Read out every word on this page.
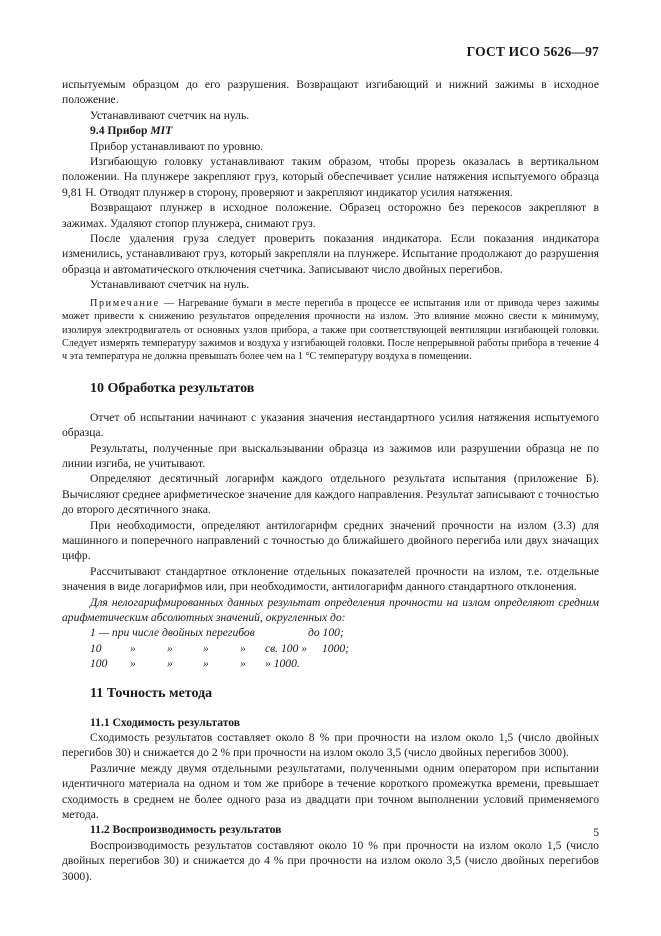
ГОСТ ИСО 5626—97

испытуемым образцом до его разрушения. Возвращают изгибающий и нижний зажимы в исходное положение.

Устанавливают счетчик на нуль.

9.4 Прибор MIT

Прибор устанавливают по уровню.

Изгибающую головку устанавливают таким образом, чтобы прорезь оказалась в вертикальном положении. На плунжере закрепляют груз, который обеспечивает усилие натяжения испытуемого образца 9,81 Н. Отводят плунжер в сторону, проверяют и закрепляют индикатор усилия натяжения.

Возвращают плунжер в исходное положение. Образец осторожно без перекосов закрепляют в зажимах. Удаляют стопор плунжера, снимают груз.

После удаления груза следует проверить показания индикатора. Если показания индикатора изменились, устанавливают груз, который закрепляли на плунжере. Испытание продолжают до разрушения образца и автоматического отключения счетчика. Записывают число двойных перегибов.

Устанавливают счетчик на нуль.

Примечание — Нагревание бумаги в месте перегиба в процессе ее испытания или от привода через зажимы может привести к снижению результатов определения прочности на излом. Это влияние можно свести к минимуму, изолируя электродвигатель от основных узлов прибора, а также при соответствующей вентиляции изгибающей головки. Следует измерять температуру зажимов и воздуха у изгибающей головки. После непрерывной работы прибора в течение 4 ч эта температура не должна превышать более чем на 1 °С температуру воздуха в помещении.

10 Обработка результатов

Отчет об испытании начинают с указания значения нестандартного усилия натяжения испытуемого образца.

Результаты, полученные при выскальзывании образца из зажимов или разрушении образца не по линии изгиба, не учитывают.

Определяют десятичный логарифм каждого отдельного результата испытания (приложение Б). Вычисляют среднее арифметическое значение для каждого направления. Результат записывают с точностью до второго десятичного знака.

При необходимости, определяют антилогарифм средних значений прочности на излом (3.3) для машинного и поперечного направлений с точностью до ближайшего двойного перегиба или двух значащих цифр.

Рассчитывают стандартное отклонение отдельных показателей прочности на излом, т.е. отдельные значения в виде логарифмов или, при необходимости, антилогарифм данного стандартного отклонения.

Для нелогарифмированных данных результат определения прочности на излом определяют средним арифметическим абсолютных значений, округленных до:

1 — при числе двойных перегибов	до 100;
10 »	»	»	» св. 100 » 1000;
100 »	»	»	» » 1000.
11 Точность метода
11.1 Сходимость результатов

Сходимость результатов составляет около 8 % при прочности на излом около 1,5 (число двойных перегибов 30) и снижается до 2 % при прочности на излом около 3,5 (число двойных перегибов 3000).

Различие между двумя отдельными результатами, полученными одним оператором при испытании идентичного материала на одном и том же приборе в течение короткого промежутка времени, превышает сходимость в среднем не более одного раза из двадцати при точном выполнении условий применяемого метода.

11.2 Воспроизводимость результатов

Воспроизводимость результатов составляют около 10 % при прочности на излом около 1,5 (число двойных перегибов 30) и снижается до 4 % при прочности на излом около 3,5 (число двойных перегибов 3000).

5
